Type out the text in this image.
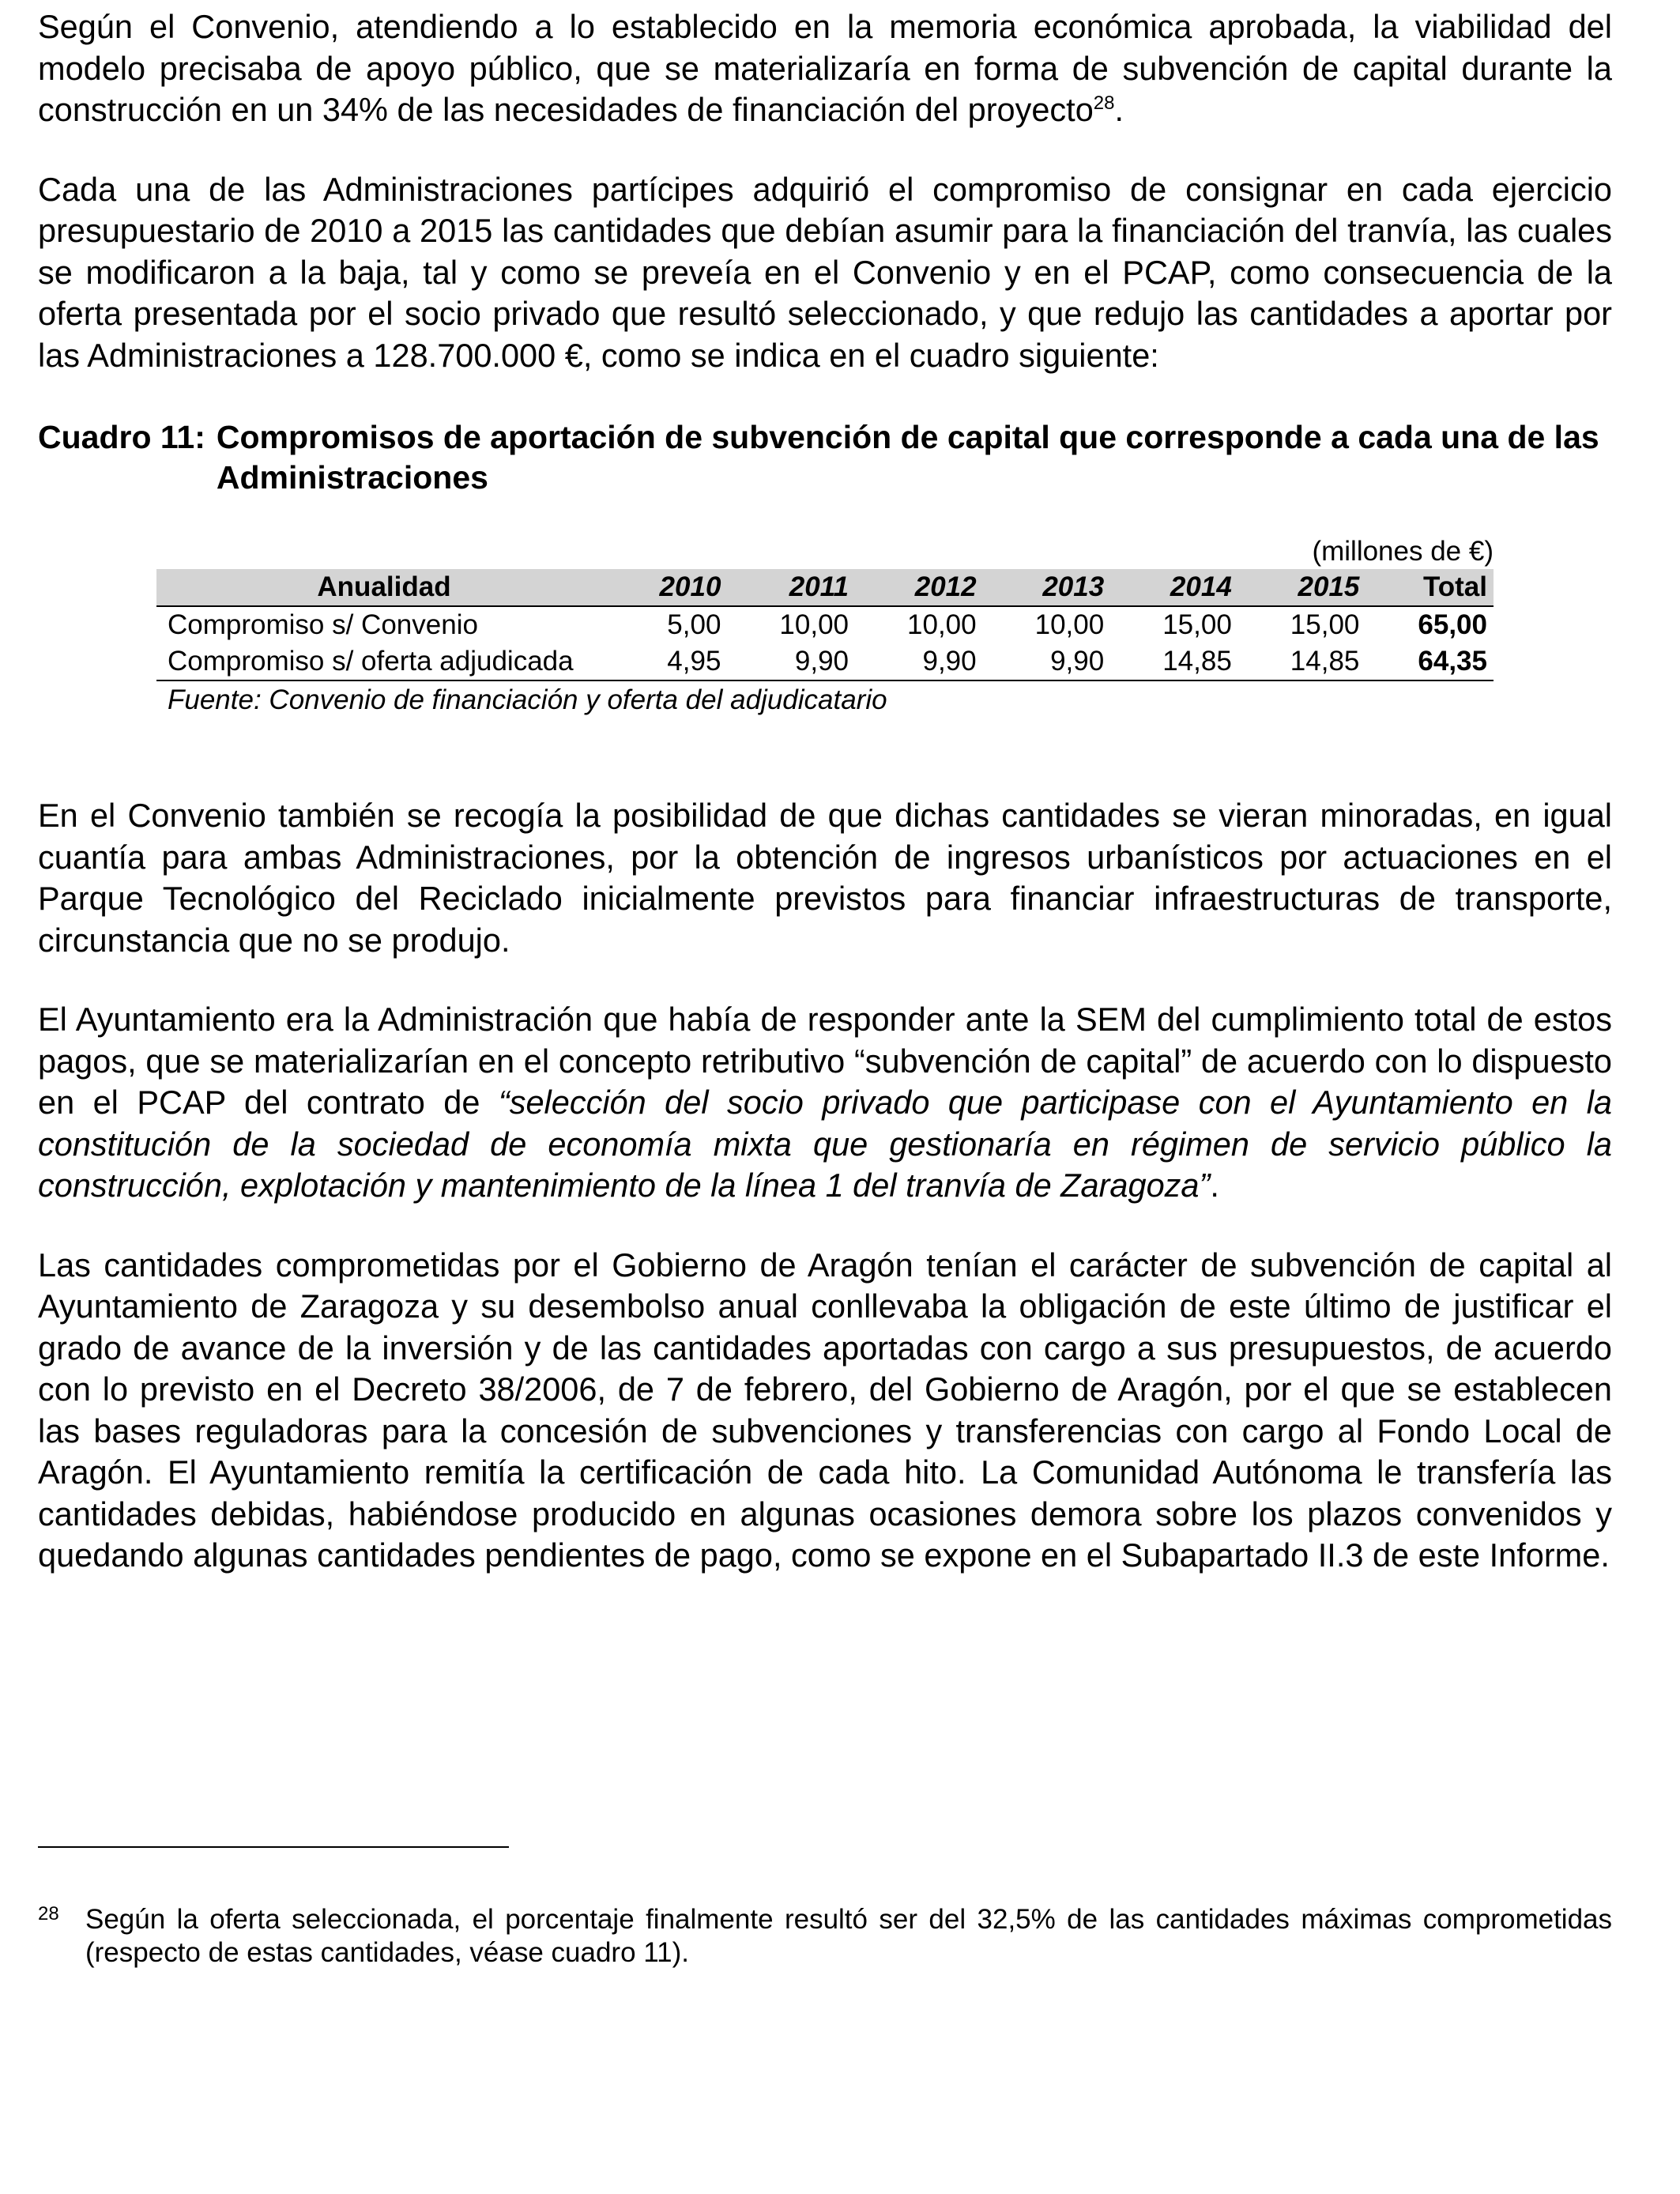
Según el Convenio, atendiendo a lo establecido en la memoria económica aprobada, la viabilidad del modelo precisaba de apoyo público, que se materializaría en forma de subvención de capital durante la construcción en un 34% de las necesidades de financiación del proyecto$^{28}$.

Cada una de las Administraciones partícipes adquirió el compromiso de consignar en cada ejercicio presupuestario de 2010 a 2015 las cantidades que debían asumir para la financiación del tranvía, las cuales se modificaron a la baja, tal y como se preveía en el Convenio y en el PCAP, como consecuencia de la oferta presentada por el socio privado que resultó seleccionado, y que redujo las cantidades a aportar por las Administraciones a 128.700.000 €, como se indica en el cuadro siguiente:

Cuadro 11: Compromisos de aportación de subvención de capital que corresponde a cada una de las Administraciones
(millones de €)
Anualidad	2010	2011	2012	2013	2014	2015	Total
Compromiso s/ Convenio	5,00	10,00	10,00	10,00	15,00	15,00	65,00
Compromiso s/ oferta adjudicada	4,95	9,90	9,90	9,90	14,85	14,85	64,35
Fuente: Convenio de financiación y oferta del adjudicatario

En el Convenio también se recogía la posibilidad de que dichas cantidades se vieran minoradas, en igual cuantía para ambas Administraciones, por la obtención de ingresos urbanísticos por actuaciones en el Parque Tecnológico del Reciclado inicialmente previstos para financiar infraestructuras de transporte, circunstancia que no se produjo.

El Ayuntamiento era la Administración que había de responder ante la SEM del cumplimiento total de estos pagos, que se materializarían en el concepto retributivo “subvención de capital” de acuerdo con lo dispuesto en el PCAP del contrato de “selección del socio privado que participase con el Ayuntamiento en la constitución de la sociedad de economía mixta que gestionaría en régimen de servicio público la construcción, explotación y mantenimiento de la línea 1 del tranvía de Zaragoza”.

Las cantidades comprometidas por el Gobierno de Aragón tenían el carácter de subvención de capital al Ayuntamiento de Zaragoza y su desembolso anual conllevaba la obligación de este último de justificar el grado de avance de la inversión y de las cantidades aportadas con cargo a sus presupuestos, de acuerdo con lo previsto en el Decreto 38/2006, de 7 de febrero, del Gobierno de Aragón, por el que se establecen las bases reguladoras para la concesión de subvenciones y transferencias con cargo al Fondo Local de Aragón. El Ayuntamiento remitía la certificación de cada hito. La Comunidad Autónoma le transfería las cantidades debidas, habiéndose producido en algunas ocasiones demora sobre los plazos convenidos y quedando algunas cantidades pendientes de pago, como se expone en el Subapartado II.3 de este Informe.

28 Según la oferta seleccionada, el porcentaje finalmente resultó ser del 32,5% de las cantidades máximas comprometidas (respecto de estas cantidades, véase cuadro 11).
